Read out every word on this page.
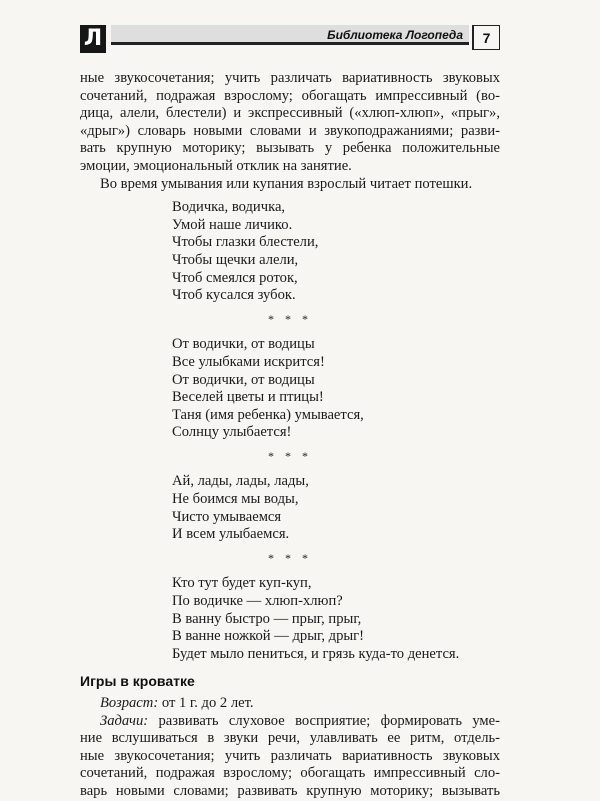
Л	Библиотека Логопеда	7

ные звукосочетания; учить различать вариативность звуковых
сочетаний, подражая взрослому; обогащать импрессивный (во-
дица, алели, блестели) и экспрессивный («хлюп-хлюп», «прыг»,
«дрыг») словарь новыми словами и звукоподражаниями; разви-
вать крупную моторику; вызывать у ребенка положительные
эмоции, эмоциональный отклик на занятие.

Во время умывания или купания взрослый читает потешки.

Водичка, водичка,
Умой наше личико.
Чтобы глазки блестели,
Чтобы щечки алели,
Чтоб смеялся роток,
Чтоб кусался зубок.
* * *
От водички, от водицы
Все улыбками искрится!
От водички, от водицы
Веселей цветы и птицы!
Таня (имя ребенка) умывается,
Солнцу улыбается!
* * *
Ай, лады, лады, лады,
Не боимся мы воды,
Чисто умываемся
И всем улыбаемся.
* * *
Кто тут будет куп-куп,
По водичке — хлюп-хлюп?
В ванну быстро — прыг, прыг,
В ванне ножкой — дрыг, дрыг!
Будет мыло пениться, и грязь куда-то денется.
Игры в кроватке

Возраст: от 1 г. до 2 лет.

Задачи: развивать слуховое восприятие; формировать уме-
ние вслушиваться в звуки речи, улавливать ее ритм, отдель-
ные звукосочетания; учить различать вариативность звуковых
сочетаний, подражая взрослому; обогащать импрессивный сло-
варь новыми словами; развивать крупную моторику; вызывать
